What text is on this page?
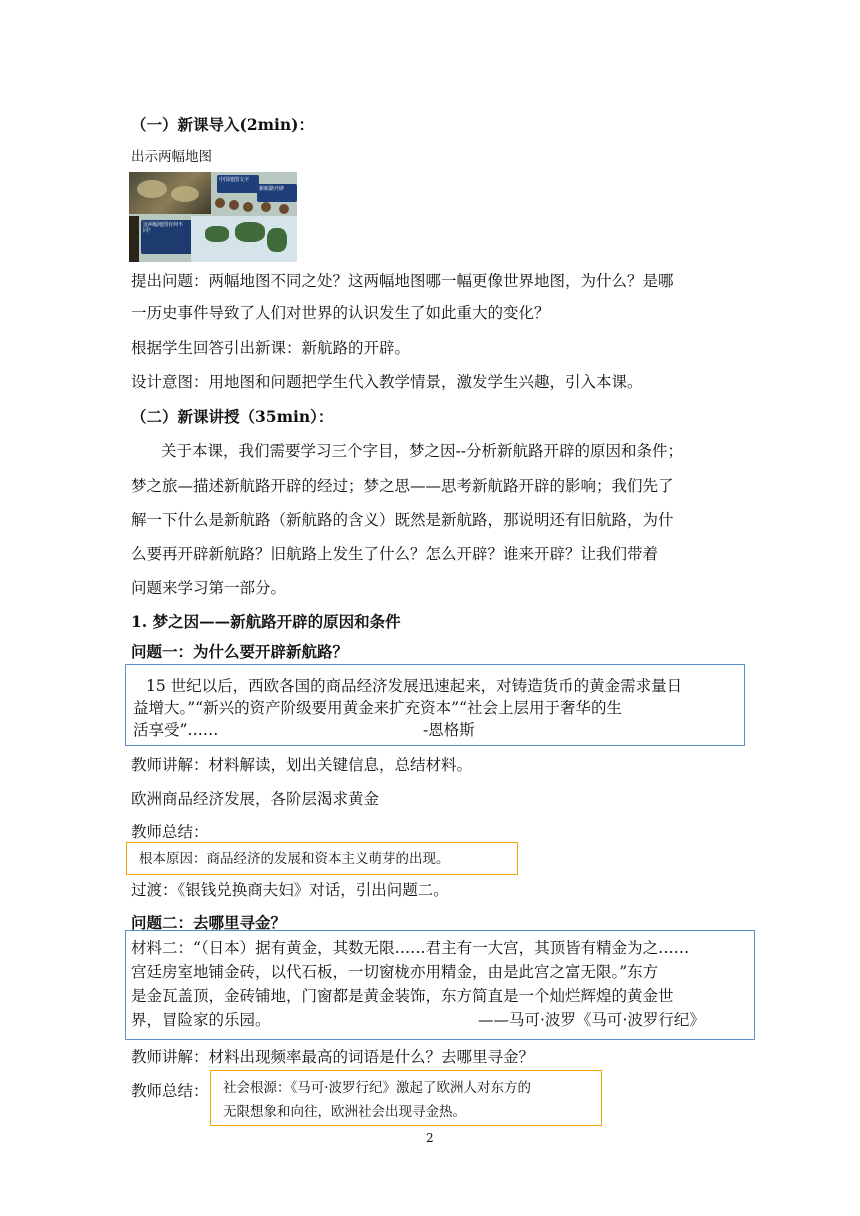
（一）新课导入(2min)：
出示两幅地图
中国地图文字
新航路开辟
这两幅地图有何不同？
提出问题：两幅地图不同之处？这两幅地图哪一幅更像世界地图，为什么？是哪
一历史事件导致了人们对世界的认识发生了如此重大的变化？
根据学生回答引出新课：新航路的开辟。
设计意图：用地图和问题把学生代入教学情景，激发学生兴趣，引入本课。
（二）新课讲授（35min）：
关于本课，我们需要学习三个字目，梦之因--分析新航路开辟的原因和条件；
梦之旅—描述新航路开辟的经过；梦之思——思考新航路开辟的影响；我们先了
解一下什么是新航路（新航路的含义）既然是新航路，那说明还有旧航路，为什
么要再开辟新航路？旧航路上发生了什么？怎么开辟？谁来开辟？让我们带着
问题来学习第一部分。
1. 梦之因——新航路开辟的原因和条件
问题一：为什么要开辟新航路？
15 世纪以后，西欧各国的商品经济发展迅速起来，对铸造货币的黄金需求量日
益增大。”“新兴的资产阶级要用黄金来扩充资本”“社会上层用于奢华的生
活享受”……	-恩格斯
教师讲解：材料解读，划出关键信息，总结材料。
欧洲商品经济发展，各阶层渴求黄金
教师总结：
根本原因：商品经济的发展和资本主义萌芽的出现。
过渡：《银钱兑换商夫妇》对话，引出问题二。
问题二：去哪里寻金？
材料二：“（日本）据有黄金，其数无限……君主有一大宫，其顶皆有精金为之……
宫廷房室地铺金砖，以代石板，一切窗栊亦用精金，由是此宫之富无限。”东方
是金瓦盖顶，金砖铺地，门窗都是黄金装饰，东方简直是一个灿烂辉煌的黄金世
界，冒险家的乐园。	——马可·波罗《马可·波罗行纪》
教师讲解：材料出现频率最高的词语是什么？去哪里寻金？
教师总结： 社会根源：《马可·波罗行纪》激起了欧洲人对东方的
无限想象和向往，欧洲社会出现寻金热。
2
